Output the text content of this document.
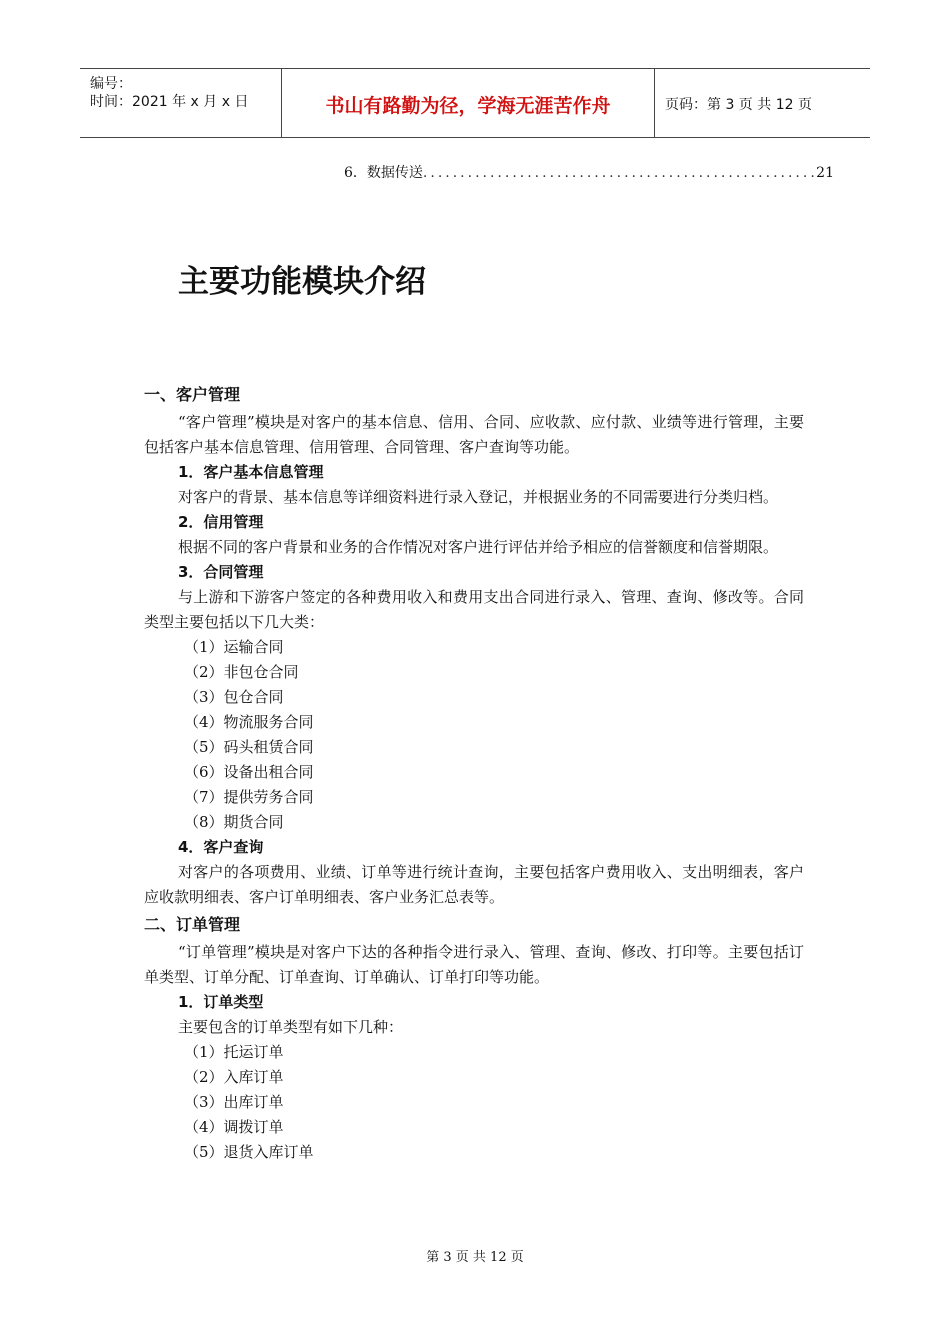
编号：
时间：2021 年 x 月 x 日	书山有路勤为径，学海无涯苦作舟	页码：第 3 页 共 12 页
6．数据传送
.....	21
主要功能模块介绍
一、客户管理
“客户管理”模块是对客户的基本信息、信用、合同、应收款、应付款、业绩等进行管理，主要包括客户基本信息管理、信用管理、合同管理、客户查询等功能。
1．客户基本信息管理
对客户的背景、基本信息等详细资料进行录入登记，并根据业务的不同需要进行分类归档。
2．信用管理
根据不同的客户背景和业务的合作情况对客户进行评估并给予相应的信誉额度和信誉期限。
3．合同管理
与上游和下游客户签定的各种费用收入和费用支出合同进行录入、管理、查询、修改等。合同类型主要包括以下几大类：
（1）运输合同
（2）非包仓合同
（3）包仓合同
（4）物流服务合同
（5）码头租赁合同
（6）设备出租合同
（7）提供劳务合同
（8）期货合同
4．客户查询
对客户的各项费用、业绩、订单等进行统计查询，主要包括客户费用收入、支出明细表，客户应收款明细表、客户订单明细表、客户业务汇总表等。
二、订单管理
“订单管理”模块是对客户下达的各种指令进行录入、管理、查询、修改、打印等。主要包括订单类型、订单分配、订单查询、订单确认、订单打印等功能。
1．订单类型
主要包含的订单类型有如下几种：
（1）托运订单
（2）入库订单
（3）出库订单
（4）调拨订单
（5）退货入库订单
第 3 页 共 12 页
